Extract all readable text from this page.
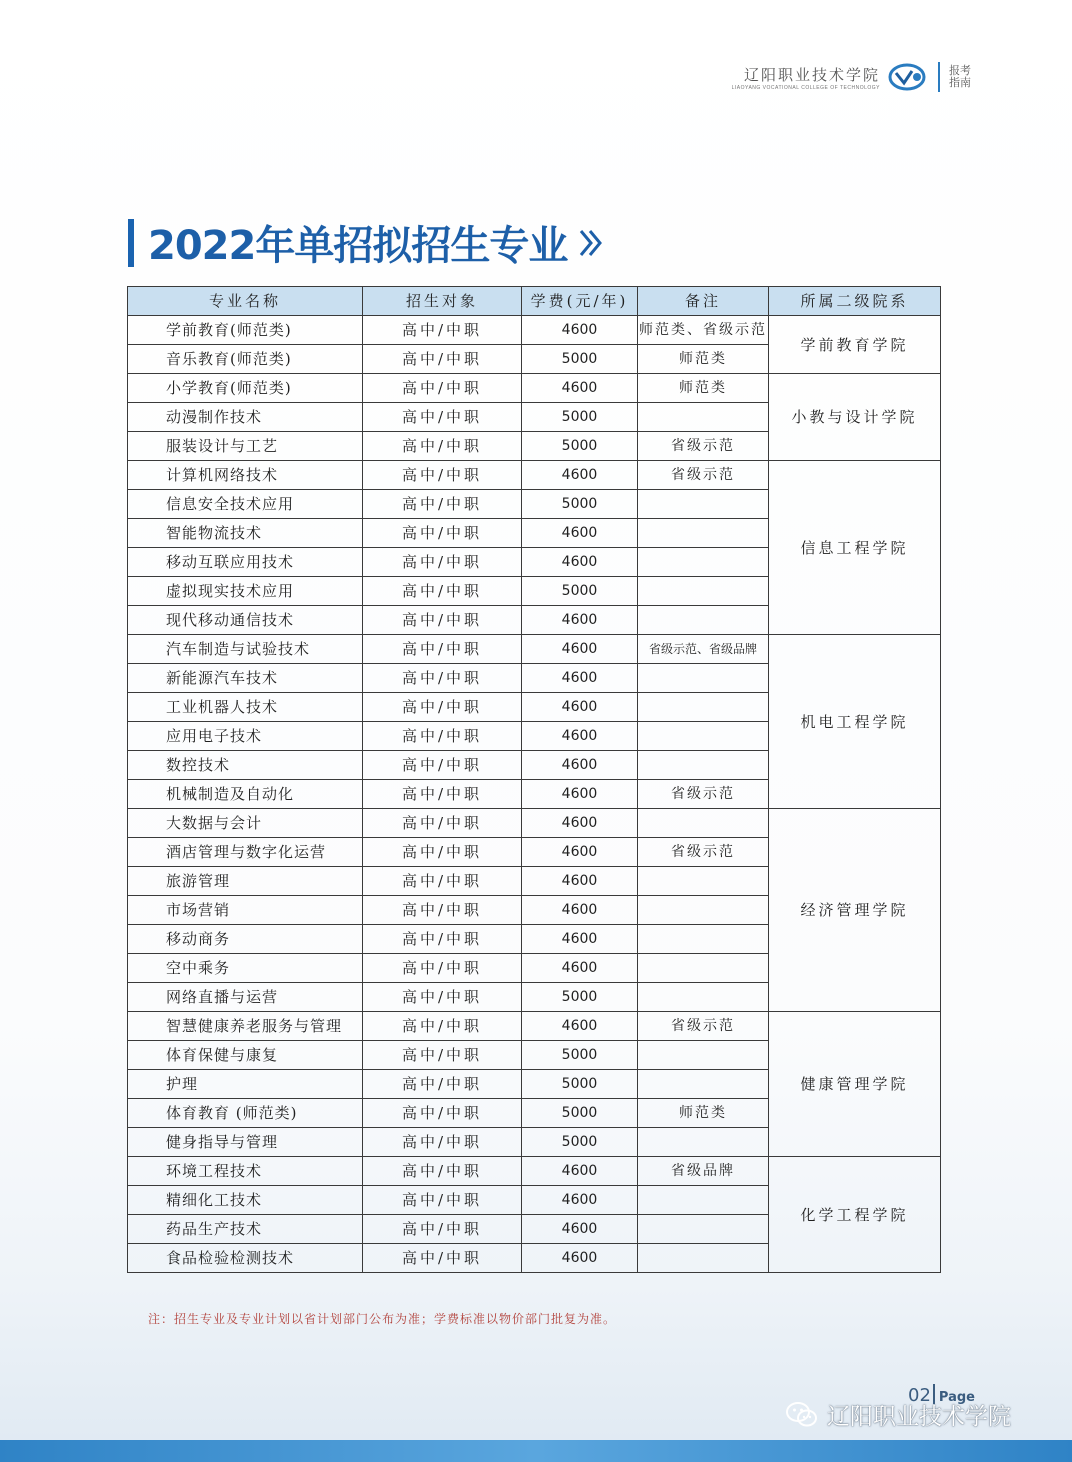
辽阳职业技术学院
LIAOYANG VOCATIONAL COLLEGE OF TECHNOLOGY
报考指南
2022年单招拟招生专业
专业名称	招生对象	学费(元/年)	备注	所属二级院系
学前教育(师范类)	高中/中职	4600	师范类、省级示范	学前教育学院
音乐教育(师范类)	高中/中职	5000	师范类	
小学教育(师范类)	高中/中职	4600	师范类	小教与设计学院
动漫制作技术	高中/中职	5000		
服装设计与工艺	高中/中职	5000	省级示范	
计算机网络技术	高中/中职	4600	省级示范	信息工程学院
信息安全技术应用	高中/中职	5000		
智能物流技术	高中/中职	4600		
移动互联应用技术	高中/中职	4600		
虚拟现实技术应用	高中/中职	5000		
现代移动通信技术	高中/中职	4600		
汽车制造与试验技术	高中/中职	4600	省级示范、省级品牌	机电工程学院
新能源汽车技术	高中/中职	4600		
工业机器人技术	高中/中职	4600		
应用电子技术	高中/中职	4600		
数控技术	高中/中职	4600		
机械制造及自动化	高中/中职	4600	省级示范	
大数据与会计	高中/中职	4600		经济管理学院
酒店管理与数字化运营	高中/中职	4600	省级示范	
旅游管理	高中/中职	4600		
市场营销	高中/中职	4600		
移动商务	高中/中职	4600		
空中乘务	高中/中职	4600		
网络直播与运营	高中/中职	5000		
智慧健康养老服务与管理	高中/中职	4600	省级示范	健康管理学院
体育保健与康复	高中/中职	5000		
护理	高中/中职	5000		
体育教育 (师范类)	高中/中职	5000	师范类	
健身指导与管理	高中/中职	5000		
环境工程技术	高中/中职	4600	省级品牌	化学工程学院
精细化工技术	高中/中职	4600		
药品生产技术	高中/中职	4600		
食品检验检测技术	高中/中职	4600		
注：招生专业及专业计划以省计划部门公布为准；学费标准以物价部门批复为准。
02 Page
辽阳职业技术学院
